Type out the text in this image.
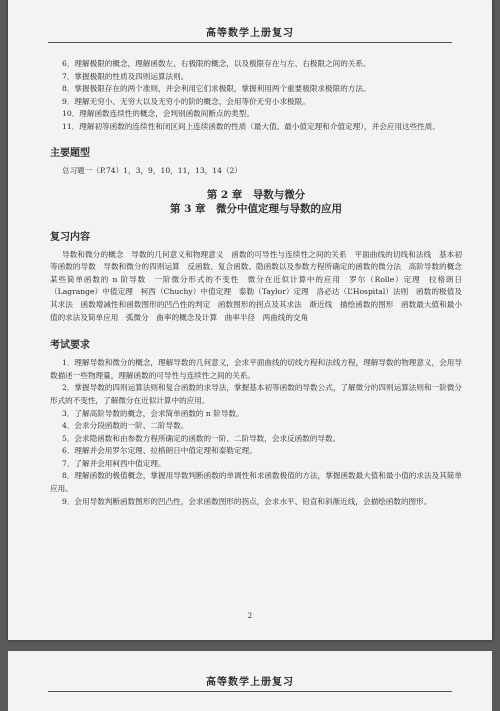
高等数学上册复习

6．理解极限的概念，理解函数左、右极限的概念，以及极限存在与左、右极限之间的关系。

7．掌握极限的性质及四则运算法则。

8．掌握极限存在的两个准则，并会利用它们求极限，掌握利用两个重要极限求极限的方法。

9．理解无穷小、无穷大以及无穷小的阶的概念，会用等价无穷小求极限。

10．理解函数连续性的概念，会判别函数间断点的类型。

11．理解初等函数的连续性和闭区间上连续函数的性质（最大值、最小值定理和介值定理），并会应用这些性质。

主要题型
总习题一（P.74）1，3，9，10，11，13，14（2）
第 2 章　导数与微分
第 3 章　微分中值定理与导数的应用
复习内容

导数和微分的概念　导数的几何意义和物理意义　函数的可导性与连续性之间的关系　平面曲线的切线和法线　基本初等函数的导数　导数和微分的四则运算　反函数、复合函数、隐函数以及参数方程所确定的函数的微分法　高阶导数的概念　某些简单函数的 n 阶导数　一阶微分形式的不变性　微分在近似计算中的应用　罗尔（Rolle）定理　拉格朗日（Lagrange）中值定理　柯西（Chuchy）中值定理　泰勒（Taylor）定理　洛必达（L’Hospital）法则　函数的极值及其求法　函数增减性和函数图形的凹凸性的判定　函数图形的拐点及其求法　渐近线　描绘函数的图形　函数最大值和最小值的求法及简单应用　弧微分　曲率的概念及计算　曲率半径　两曲线的交角

考试要求

1．理解导数和微分的概念，理解导数的几何意义，会求平面曲线的切线方程和法线方程，理解导数的物理意义，会用导数描述一些物理量，理解函数的可导性与连续性之间的关系。

2．掌握导数的四则运算法则和复合函数的求导法，掌握基本初等函数的导数公式，了解微分的四则运算法则和一阶微分形式的不变性，了解微分在近似计算中的应用。

3．了解高阶导数的概念，会求简单函数的 n 阶导数。

4．会求分段函数的一阶、二阶导数。

5．会求隐函数和由参数方程所确定的函数的一阶、二阶导数，会求反函数的导数。

6．理解并会用罗尔定理、拉格朗日中值定理和泰勒定理。

7．了解并会用柯西中值定理。

8．理解函数的极值概念，掌握用导数判断函数的单调性和求函数极值的方法，掌握函数最大值和最小值的求法及其简单应用。

9．会用导数判断函数图形的凹凸性，会求函数图形的拐点，会求水平、铅直和斜渐近线，会描绘函数的图形。

2
高等数学上册复习
